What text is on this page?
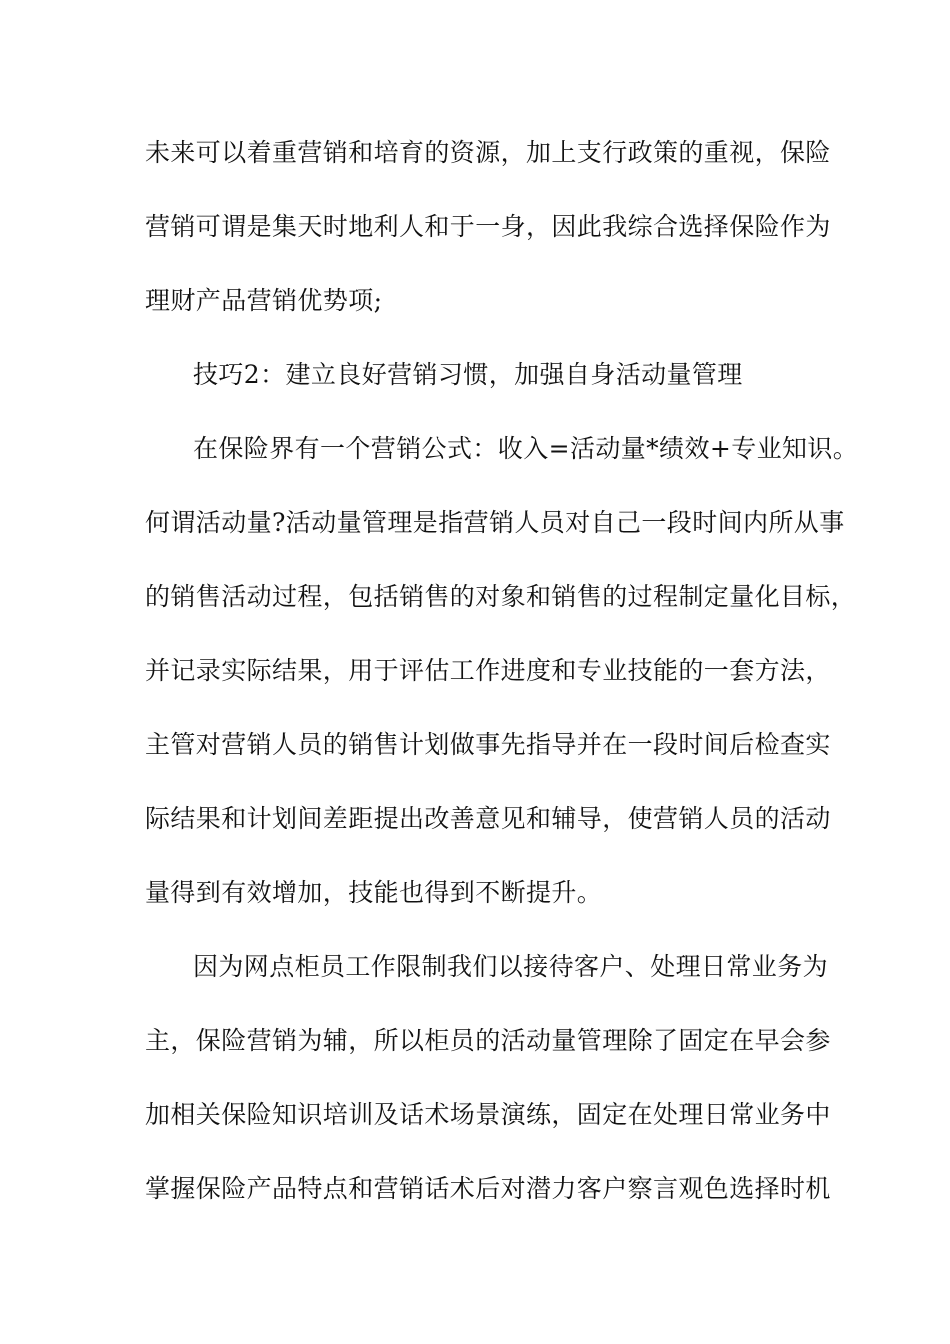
未来可以着重营销和培育的资源，加上支行政策的重视，保险
营销可谓是集天时地利人和于一身，因此我综合选择保险作为
理财产品营销优势项;
技巧2：建立良好营销习惯，加强自身活动量管理
在保险界有一个营销公式：收入=活动量*绩效+专业知识。
何谓活动量?活动量管理是指营销人员对自己一段时间内所从事
的销售活动过程，包括销售的对象和销售的过程制定量化目标，
并记录实际结果，用于评估工作进度和专业技能的一套方法，
主管对营销人员的销售计划做事先指导并在一段时间后检查实
际结果和计划间差距提出改善意见和辅导，使营销人员的活动
量得到有效增加，技能也得到不断提升。
因为网点柜员工作限制我们以接待客户、处理日常业务为
主，保险营销为辅，所以柜员的活动量管理除了固定在早会参
加相关保险知识培训及话术场景演练，固定在处理日常业务中
掌握保险产品特点和营销话术后对潜力客户察言观色选择时机
